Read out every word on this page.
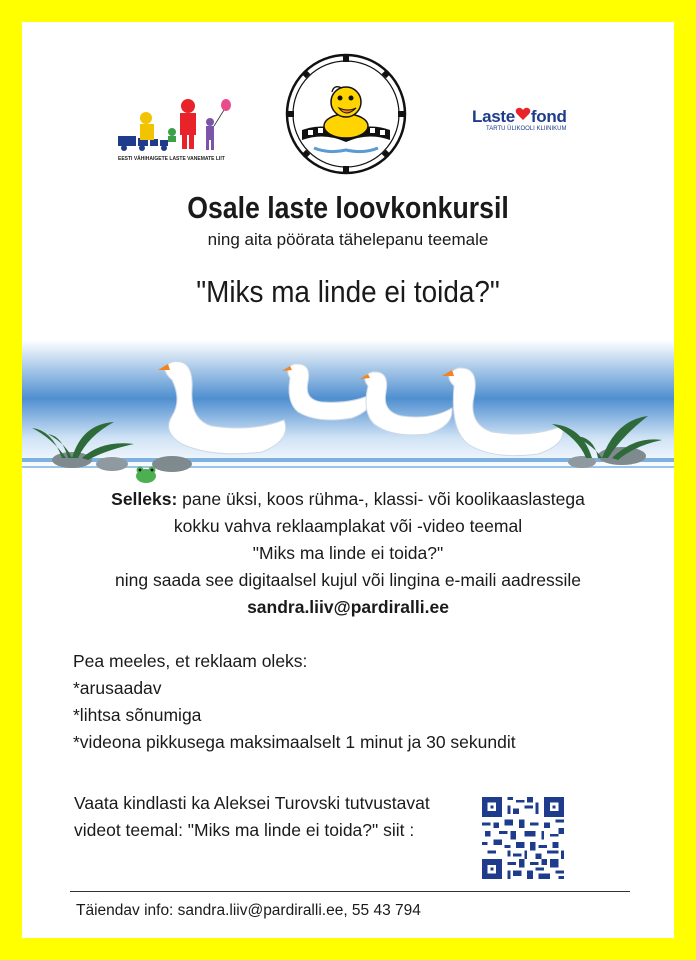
EESTI VÄHIHAIGETE LASTE VANEMATE LIIT
Laste fond
TARTU ÜLIKOOLI KLIINIKUM
Osale laste loovkonkursil
ning aita pöörata tähelepanu teemale
"Miks ma linde ei toida?"
Selleks: pane üksi, koos rühma-, klassi- või koolikaaslastega
kokku vahva reklaamplakat või -video teemal
"Miks ma linde ei toida?"
ning saada see digitaalsel kujul või lingina e-maili aadressile
sandra.liiv@pardiralli.ee
Pea meeles, et reklaam oleks:
*arusaadav
*lihtsa sõnumiga
*videona pikkusega maksimaalselt 1 minut ja 30 sekundit
Vaata kindlasti ka Aleksei Turovski tutvustavat
videot teemal: "Miks ma linde ei toida?" siit :
Täiendav info: sandra.liiv@pardiralli.ee, 55 43 794
